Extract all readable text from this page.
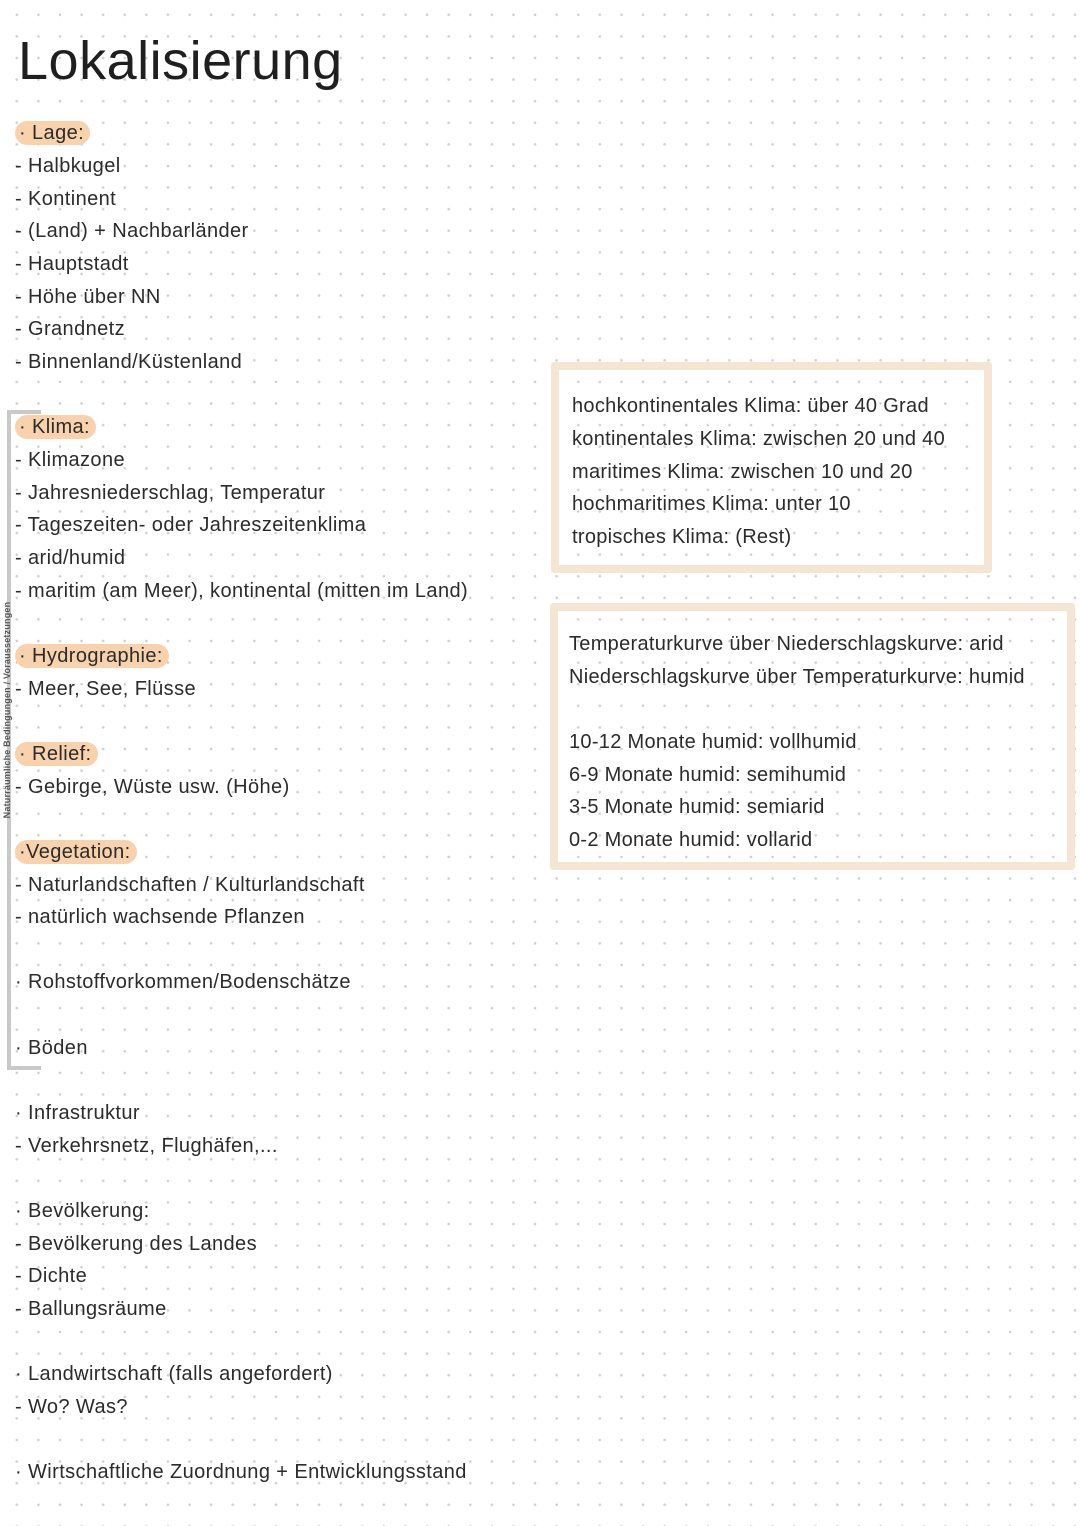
Lokalisierung
Naturräumliche Bedingungen / Voraussetzungen
· Lage:
- Halbkugel
- Kontinent
- (Land) + Nachbarländer
- Hauptstadt
- Höhe über NN
- Grandnetz
- Binnenland/Küstenland
· Klima:
- Klimazone
- Jahresniederschlag, Temperatur
- Tageszeiten- oder Jahreszeitenklima
- arid/humid
- maritim (am Meer), kontinental (mitten im Land)
· Hydrographie:
- Meer, See, Flüsse
· Relief:
- Gebirge, Wüste usw. (Höhe)
·Vegetation:
- Naturlandschaften / Kulturlandschaft
- natürlich wachsende Pflanzen
· Rohstoffvorkommen/Bodenschätze
· Böden
· Infrastruktur
- Verkehrsnetz, Flughäfen,...
· Bevölkerung:
- Bevölkerung des Landes
- Dichte
- Ballungsräume
· Landwirtschaft (falls angefordert)
- Wo? Was?
· Wirtschaftliche Zuordnung + Entwicklungsstand
hochkontinentales Klima: über 40 Grad
kontinentales Klima: zwischen 20 und 40
maritimes Klima: zwischen 10 und 20
hochmaritimes Klima: unter 10
tropisches Klima: (Rest)
Temperaturkurve über Niederschlagskurve: arid
Niederschlagskurve über Temperaturkurve: humid
10-12 Monate humid: vollhumid
6-9 Monate humid: semihumid
3-5 Monate humid: semiarid
0-2 Monate humid: vollarid
